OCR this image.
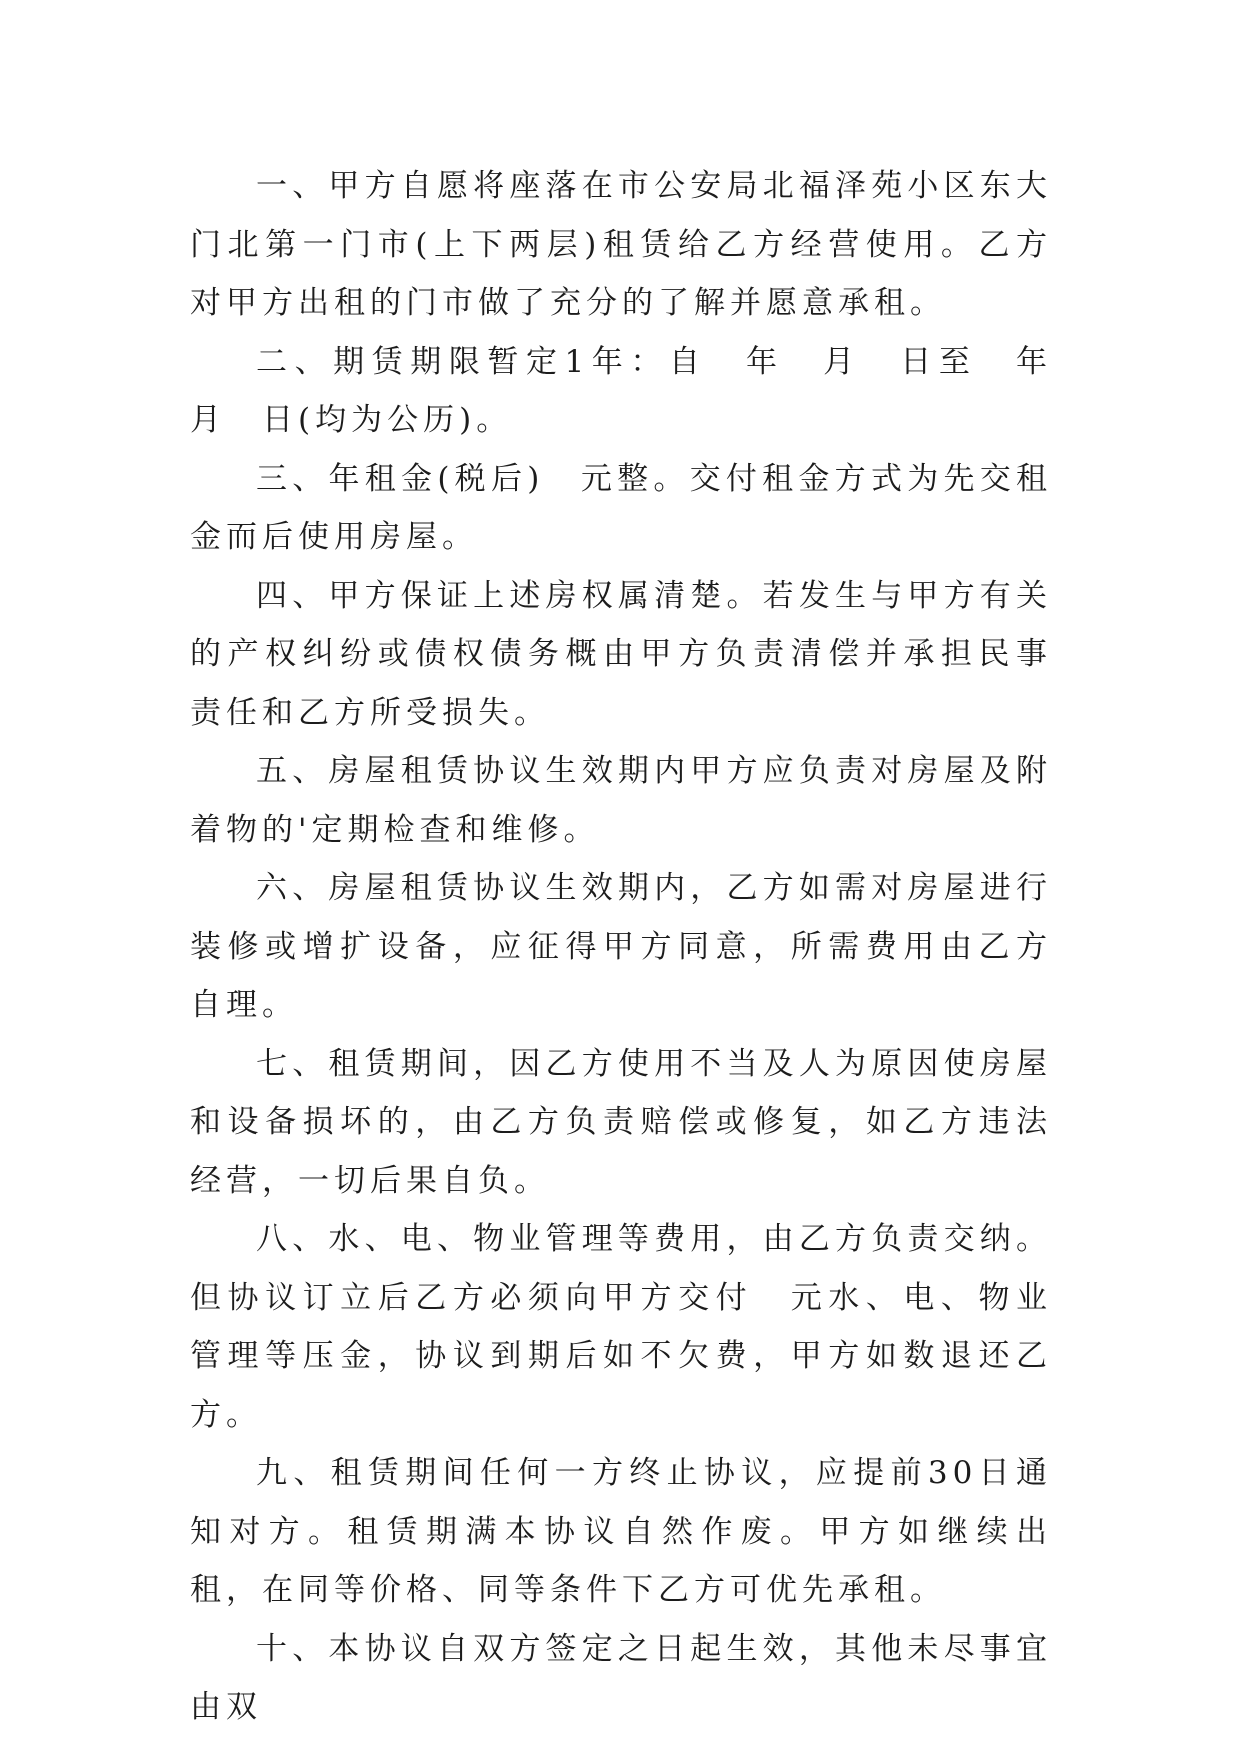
一、甲方自愿将座落在市公安局北福泽苑小区东大门北第一门市(上下两层)租赁给乙方经营使用。乙方对甲方出租的门市做了充分的了解并愿意承租。

二、期赁期限暂定1年：自　年　月　日至　年　月　日(均为公历)。

三、年租金(税后)　元整。交付租金方式为先交租金而后使用房屋。

四、甲方保证上述房权属清楚。若发生与甲方有关的产权纠纷或债权债务概由甲方负责清偿并承担民事责任和乙方所受损失。

五、房屋租赁协议生效期内甲方应负责对房屋及附着物的'定期检查和维修。

六、房屋租赁协议生效期内，乙方如需对房屋进行装修或增扩设备，应征得甲方同意，所需费用由乙方自理。

七、租赁期间，因乙方使用不当及人为原因使房屋和设备损坏的，由乙方负责赔偿或修复，如乙方违法经营，一切后果自负。

八、水、电、物业管理等费用，由乙方负责交纳。但协议订立后乙方必须向甲方交付　元水、电、物业管理等压金，协议到期后如不欠费，甲方如数退还乙方。

九、租赁期间任何一方终止协议，应提前30日通知对方。租赁期满本协议自然作废。甲方如继续出租，在同等价格、同等条件下乙方可优先承租。

十、本协议自双方签定之日起生效，其他未尽事宜由双
